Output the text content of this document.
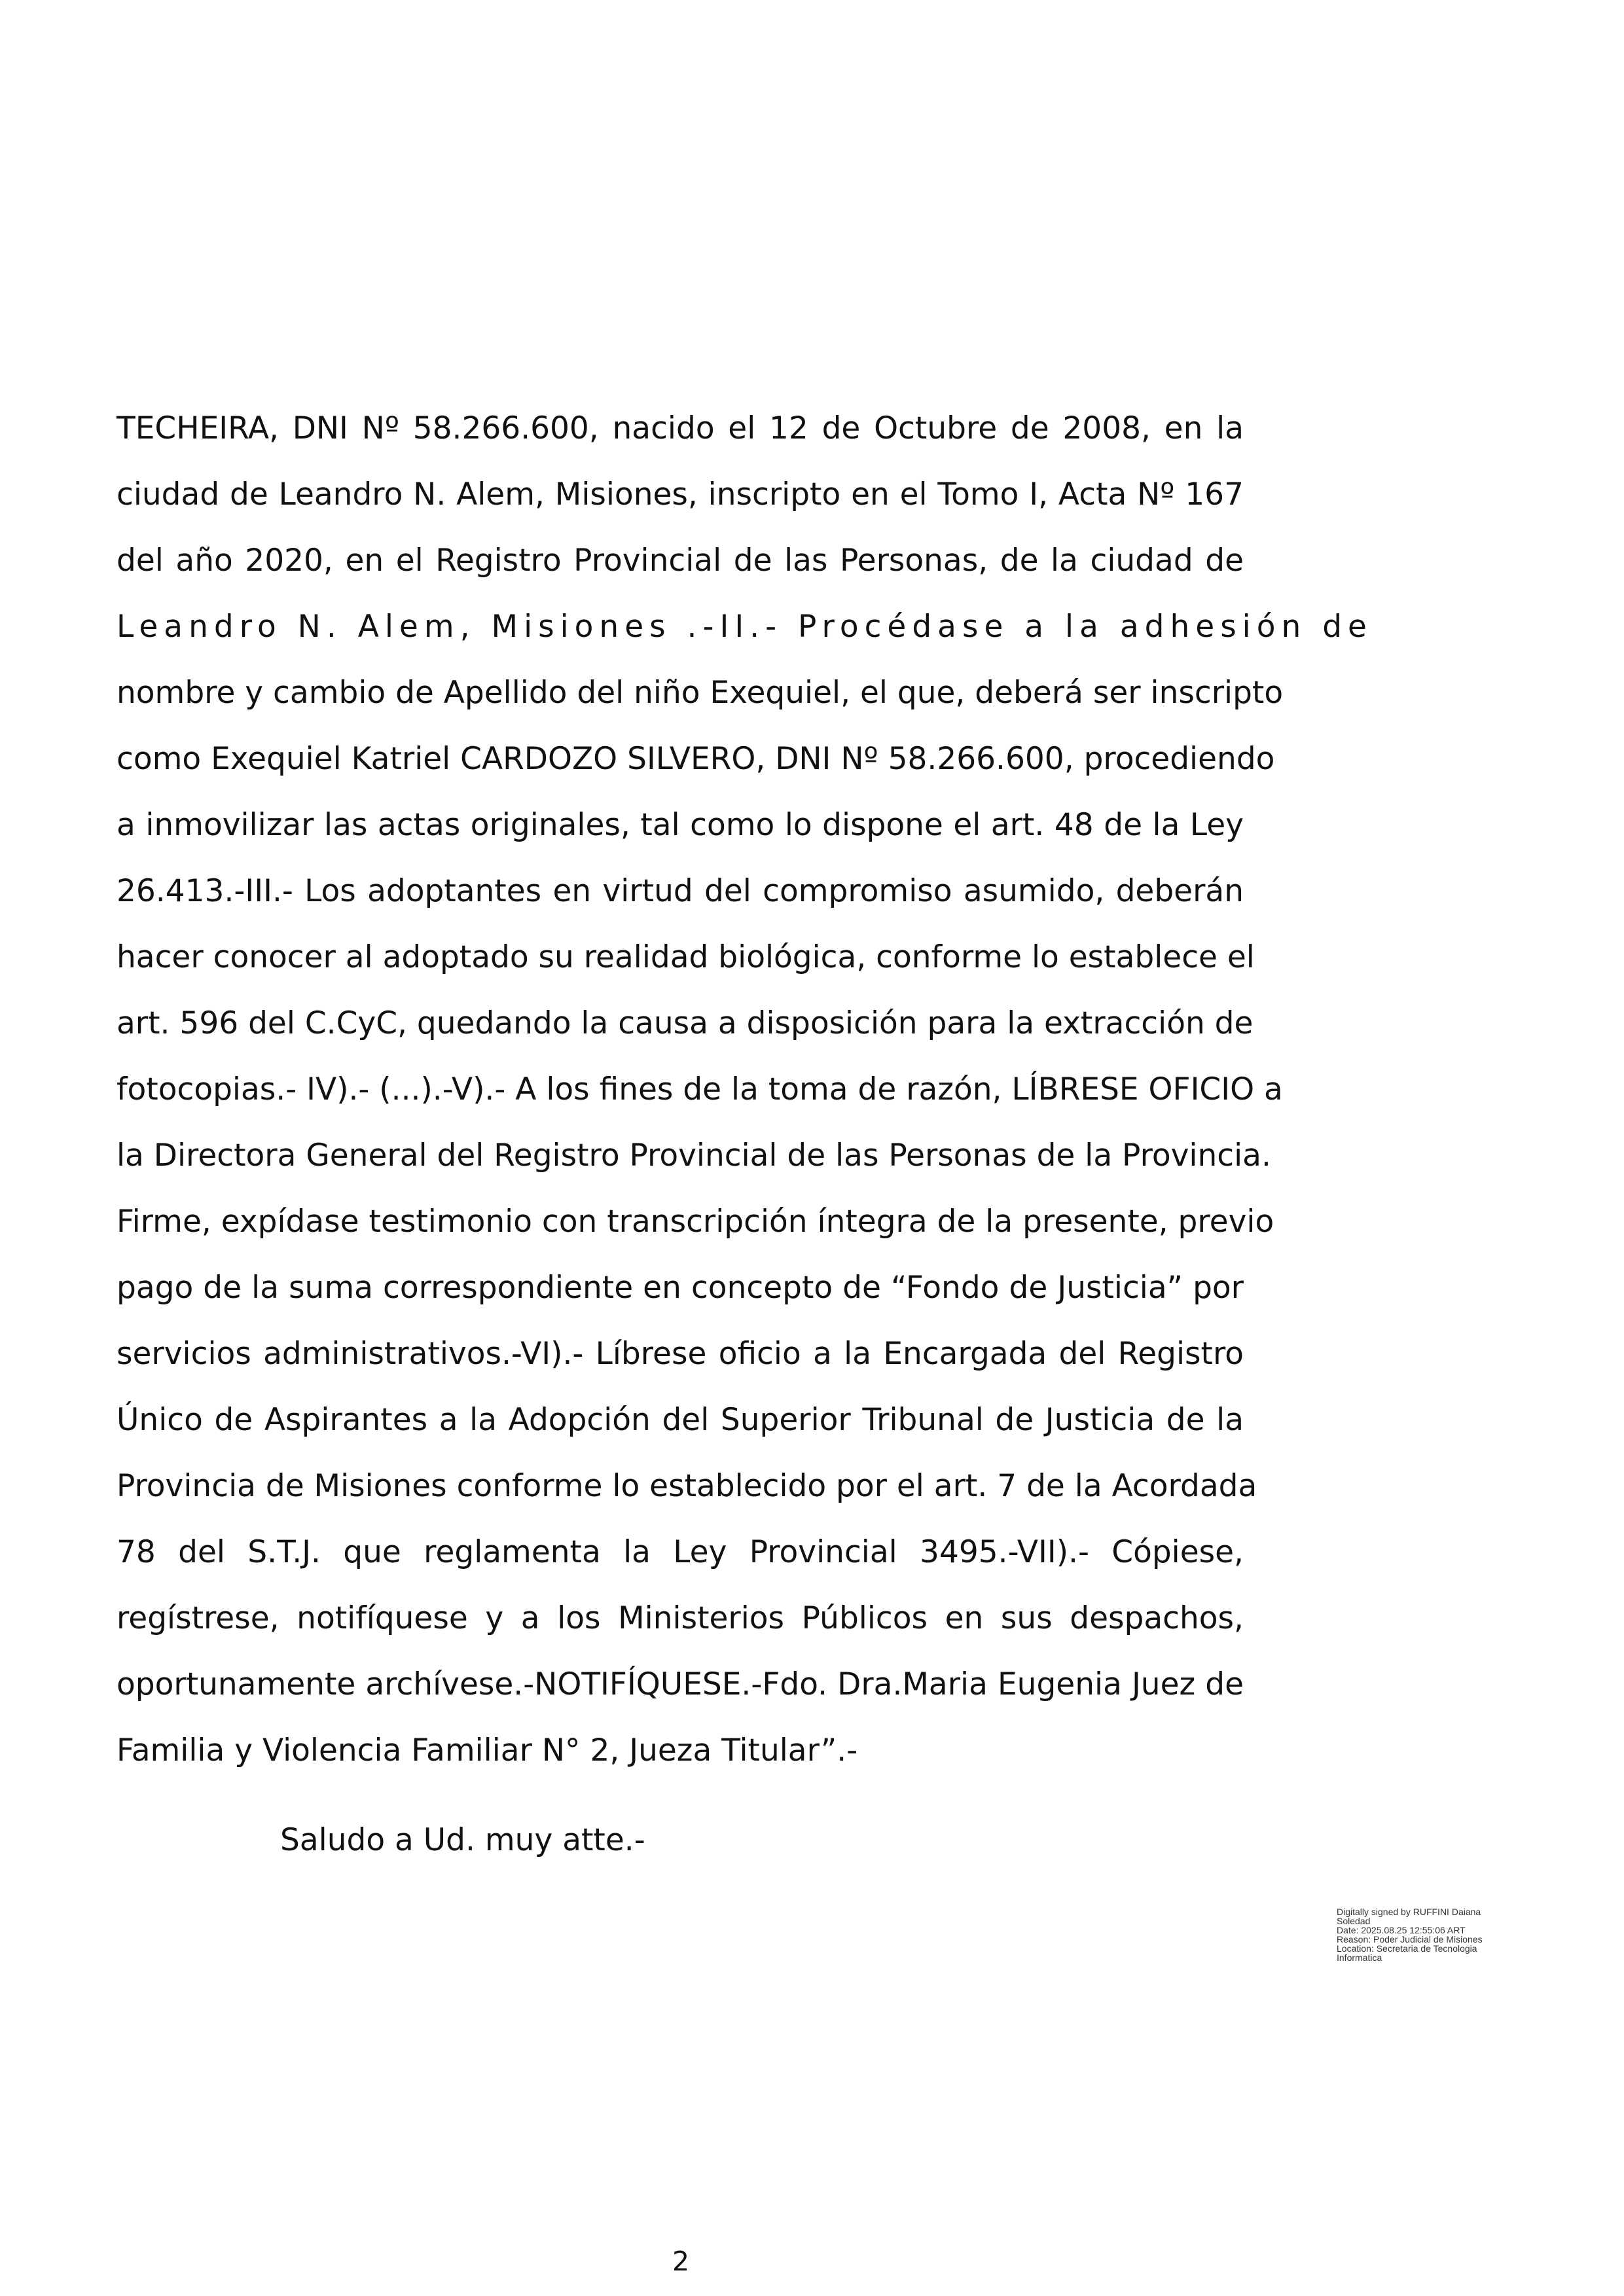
TECHEIRA, DNI Nº 58.266.600, nacido el 12 de Octubre de 2008, en la
ciudad de Leandro N. Alem, Misiones, inscripto en el Tomo I, Acta Nº 167
del año 2020, en el Registro Provincial de las Personas, de la ciudad de
Leandro N. Alem, Misiones .-II.- Procédase a la adhesión de
nombre y cambio de Apellido del niño Exequiel, el que, deberá ser inscripto
como Exequiel Katriel CARDOZO SILVERO, DNI Nº 58.266.600, procediendo
a inmovilizar las actas originales, tal como lo dispone el art. 48 de la Ley
26.413.-III.- Los adoptantes en virtud del compromiso asumido, deberán
hacer conocer al adoptado su realidad biológica, conforme lo establece el
art. 596 del C.CyC, quedando la causa a disposición para la extracción de
fotocopias.- IV).- (...).-V).- A los fines de la toma de razón, LÍBRESE OFICIO a
la Directora General del Registro Provincial de las Personas de la Provincia.
Firme, expídase testimonio con transcripción íntegra de la presente, previo
pago de la suma correspondiente en concepto de “Fondo de Justicia” por
servicios administrativos.-VI).- Líbrese oficio a la Encargada del Registro
Único de Aspirantes a la Adopción del Superior Tribunal de Justicia de la
Provincia de Misiones conforme lo establecido por el art. 7 de la Acordada
78 del S.T.J. que reglamenta la Ley Provincial 3495.-VII).- Cópiese,
regístrese, notifíquese y a los Ministerios Públicos en sus despachos,
oportunamente archívese.-NOTIFÍQUESE.-Fdo. Dra.Maria Eugenia Juez de
Familia y Violencia Familiar N° 2, Jueza Titular”.-
Saludo a Ud. muy atte.-
Digitally signed by RUFFINI Daiana
Soledad
Date: 2025.08.25 12:55:06 ART
Reason: Poder Judicial de Misiones
Location: Secretaria de Tecnologia
Informatica
2
